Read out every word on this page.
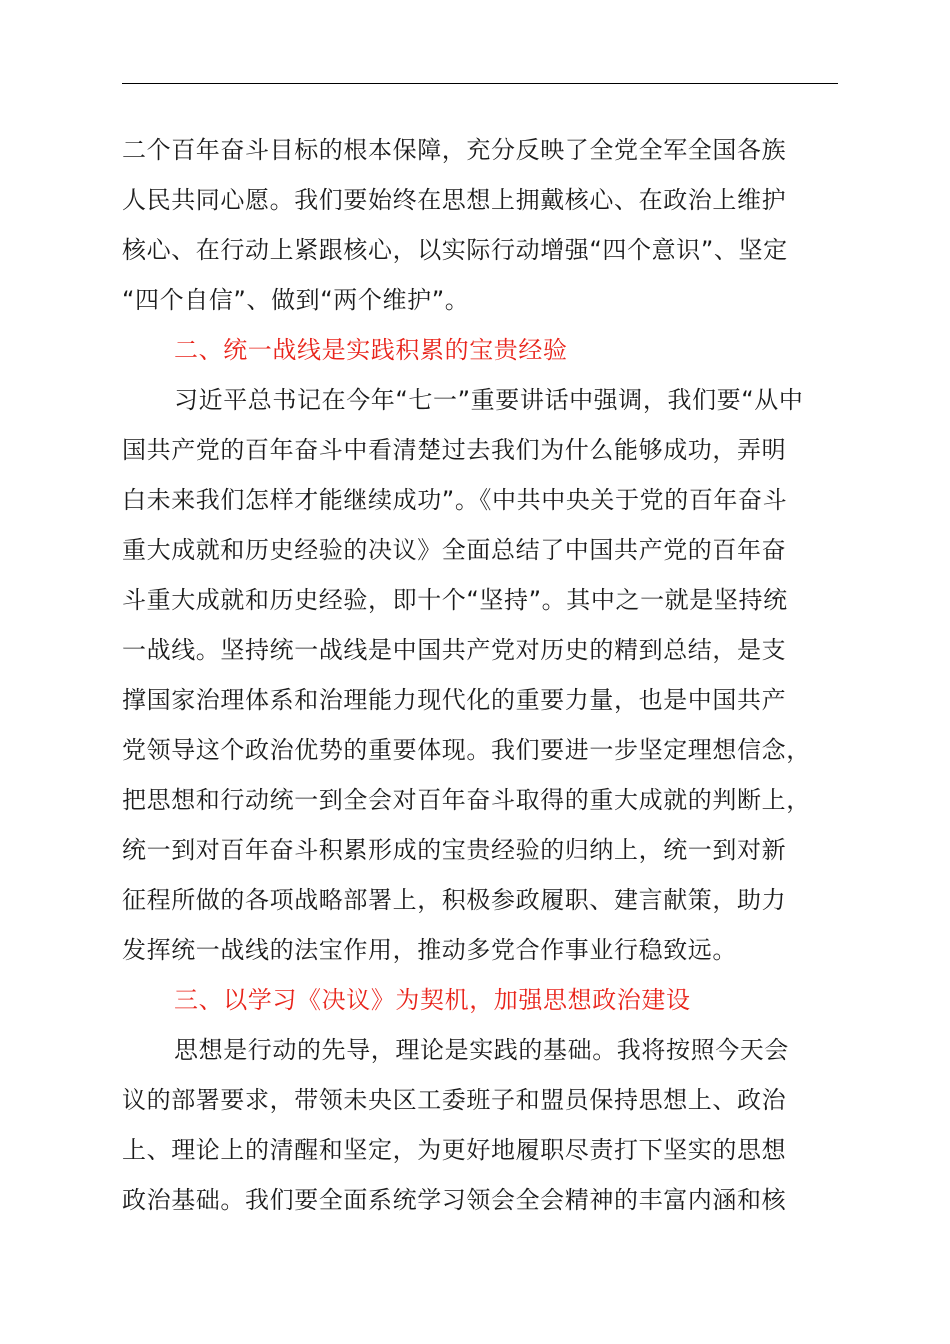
二个百年奋斗目标的根本保障，充分反映了全党全军全国各族
人民共同心愿。我们要始终在思想上拥戴核心、在政治上维护
核心、在行动上紧跟核心，以实际行动增强“四个意识”、坚定
“四个自信”、做到“两个维护”。
二、统一战线是实践积累的宝贵经验
习近平总书记在今年“七一”重要讲话中强调，我们要“从中
国共产党的百年奋斗中看清楚过去我们为什么能够成功，弄明
白未来我们怎样才能继续成功”。《中共中央关于党的百年奋斗
重大成就和历史经验的决议》全面总结了中国共产党的百年奋
斗重大成就和历史经验，即十个“坚持”。其中之一就是坚持统
一战线。坚持统一战线是中国共产党对历史的精到总结，是支
撑国家治理体系和治理能力现代化的重要力量，也是中国共产
党领导这个政治优势的重要体现。我们要进一步坚定理想信念，
把思想和行动统一到全会对百年奋斗取得的重大成就的判断上，
统一到对百年奋斗积累形成的宝贵经验的归纳上，统一到对新
征程所做的各项战略部署上，积极参政履职、建言献策，助力
发挥统一战线的法宝作用，推动多党合作事业行稳致远。
三、以学习《决议》为契机，加强思想政治建设
思想是行动的先导，理论是实践的基础。我将按照今天会
议的部署要求，带领未央区工委班子和盟员保持思想上、政治
上、理论上的清醒和坚定，为更好地履职尽责打下坚实的思想
政治基础。我们要全面系统学习领会全会精神的丰富内涵和核
